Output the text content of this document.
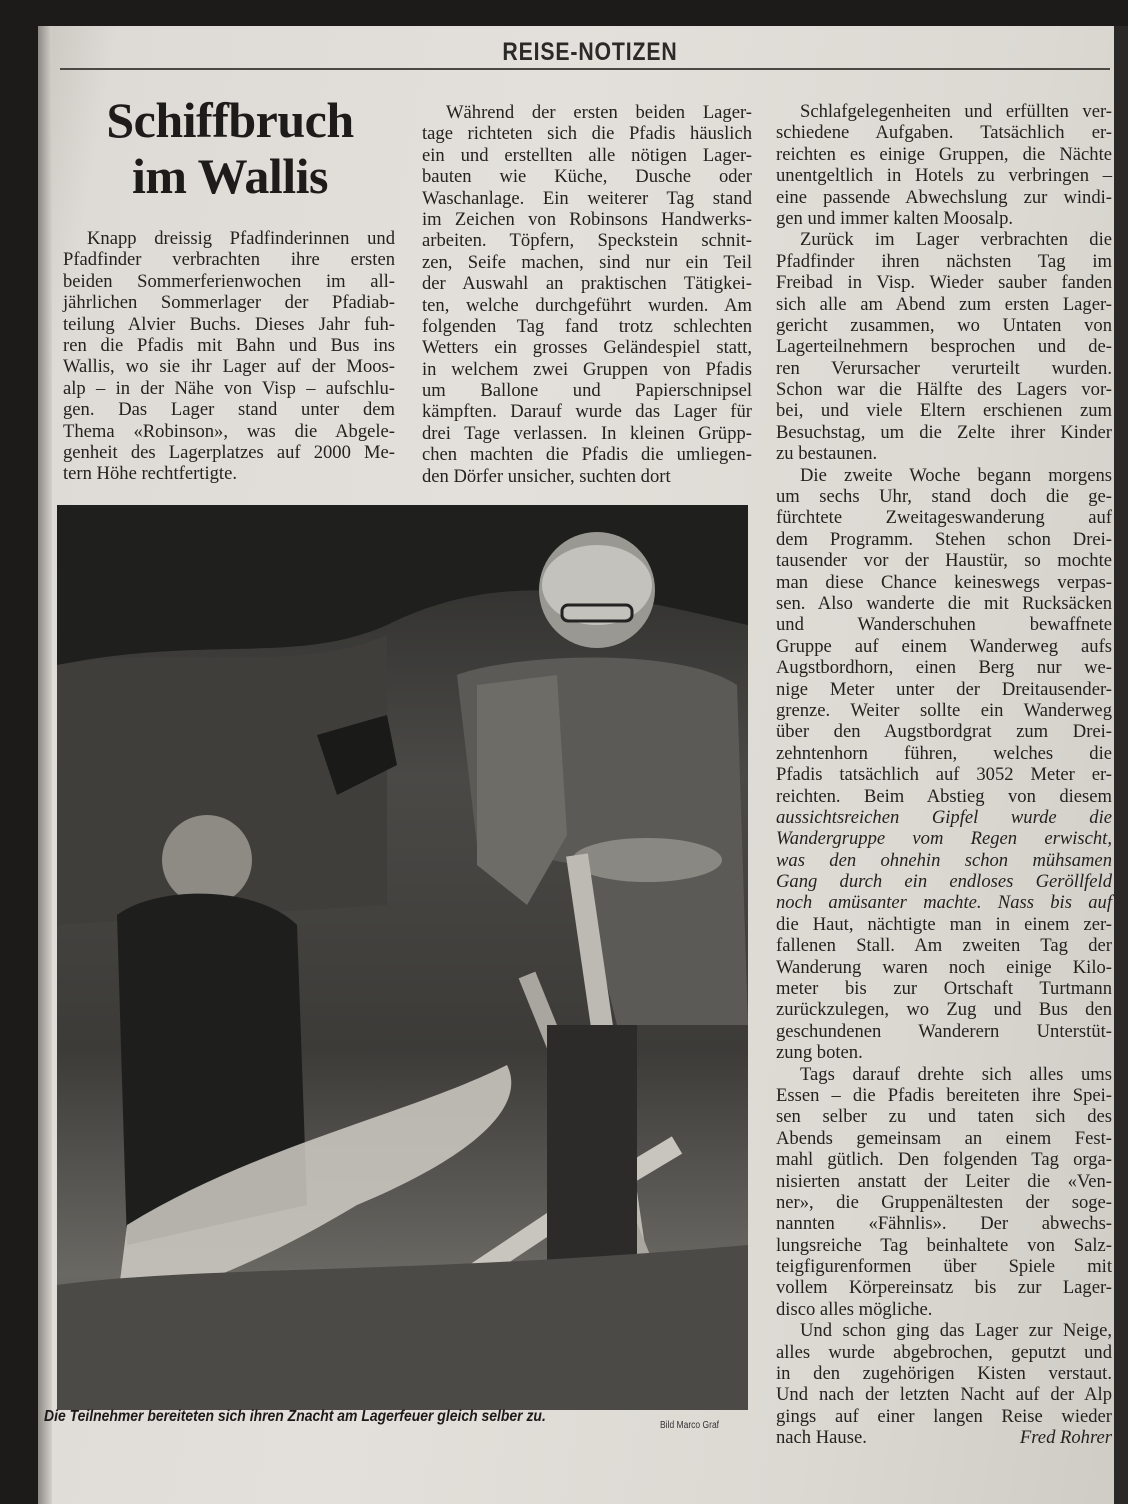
REISE-NOTIZEN
Schiffbruch
im Wallis
Knapp dreissig Pfadfinderinnen und
Pfadfinder verbrachten ihre ersten
beiden Sommerferienwochen im all-
jährlichen Sommerlager der Pfadiab-
teilung Alvier Buchs. Dieses Jahr fuh-
ren die Pfadis mit Bahn und Bus ins
Wallis, wo sie ihr Lager auf der Moos-
alp – in der Nähe von Visp – aufschlu-
gen. Das Lager stand unter dem
Thema «Robinson», was die Abgele-
genheit des Lagerplatzes auf 2000 Me-
tern Höhe rechtfertigte.
Während der ersten beiden Lager-
tage richteten sich die Pfadis häuslich
ein und erstellten alle nötigen Lager-
bauten wie Küche, Dusche oder
Waschanlage. Ein weiterer Tag stand
im Zeichen von Robinsons Handwerks-
arbeiten. Töpfern, Speckstein schnit-
zen, Seife machen, sind nur ein Teil
der Auswahl an praktischen Tätigkei-
ten, welche durchgeführt wurden. Am
folgenden Tag fand trotz schlechten
Wetters ein grosses Geländespiel statt,
in welchem zwei Gruppen von Pfadis
um Ballone und Papierschnipsel
kämpften. Darauf wurde das Lager für
drei Tage verlassen. In kleinen Grüpp-
chen machten die Pfadis die umliegen-
den Dörfer unsicher, suchten dort
Schlafgelegenheiten und erfüllten ver-
schiedene Aufgaben. Tatsächlich er-
reichten es einige Gruppen, die Nächte
unentgeltlich in Hotels zu verbringen –
eine passende Abwechslung zur windi-
gen und immer kalten Moosalp.
Zurück im Lager verbrachten die
Pfadfinder ihren nächsten Tag im
Freibad in Visp. Wieder sauber fanden
sich alle am Abend zum ersten Lager-
gericht zusammen, wo Untaten von
Lagerteilnehmern besprochen und de-
ren Verursacher verurteilt wurden.
Schon war die Hälfte des Lagers vor-
bei, und viele Eltern erschienen zum
Besuchstag, um die Zelte ihrer Kinder
zu bestaunen.
Die zweite Woche begann morgens
um sechs Uhr, stand doch die ge-
fürchtete Zweitageswanderung auf
dem Programm. Stehen schon Drei-
tausender vor der Haustür, so mochte
man diese Chance keineswegs verpas-
sen. Also wanderte die mit Rucksäcken
und Wanderschuhen bewaffnete
Gruppe auf einem Wanderweg aufs
Augstbordhorn, einen Berg nur we-
nige Meter unter der Dreitausender-
grenze. Weiter sollte ein Wanderweg
über den Augstbordgrat zum Drei-
zehntenhorn führen, welches die
Pfadis tatsächlich auf 3052 Meter er-
reichten. Beim Abstieg von diesem
aussichtsreichen Gipfel wurde die
Wandergruppe vom Regen erwischt,
was den ohnehin schon mühsamen
Gang durch ein endloses Geröllfeld
noch amüsanter machte. Nass bis auf
die Haut, nächtigte man in einem zer-
fallenen Stall. Am zweiten Tag der
Wanderung waren noch einige Kilo-
meter bis zur Ortschaft Turtmann
zurückzulegen, wo Zug und Bus den
geschundenen Wanderern Unterstüt-
zung boten.
Tags darauf drehte sich alles ums
Essen – die Pfadis bereiteten ihre Spei-
sen selber zu und taten sich des
Abends gemeinsam an einem Fest-
mahl gütlich. Den folgenden Tag orga-
nisierten anstatt der Leiter die «Ven-
ner», die Gruppenältesten der soge-
nannten «Fähnlis». Der abwechs-
lungsreiche Tag beinhaltete von Salz-
teigfigurenformen über Spiele mit
vollem Körpereinsatz bis zur Lager-
disco alles mögliche.
Und schon ging das Lager zur Neige,
alles wurde abgebrochen, geputzt und
in den zugehörigen Kisten verstaut.
Und nach der letzten Nacht auf der Alp
gings auf einer langen Reise wieder
nach Hause.	Fred Rohrer
Die Teilnehmer bereiteten sich ihren Znacht am Lagerfeuer gleich selber zu.
Bild Marco Graf
